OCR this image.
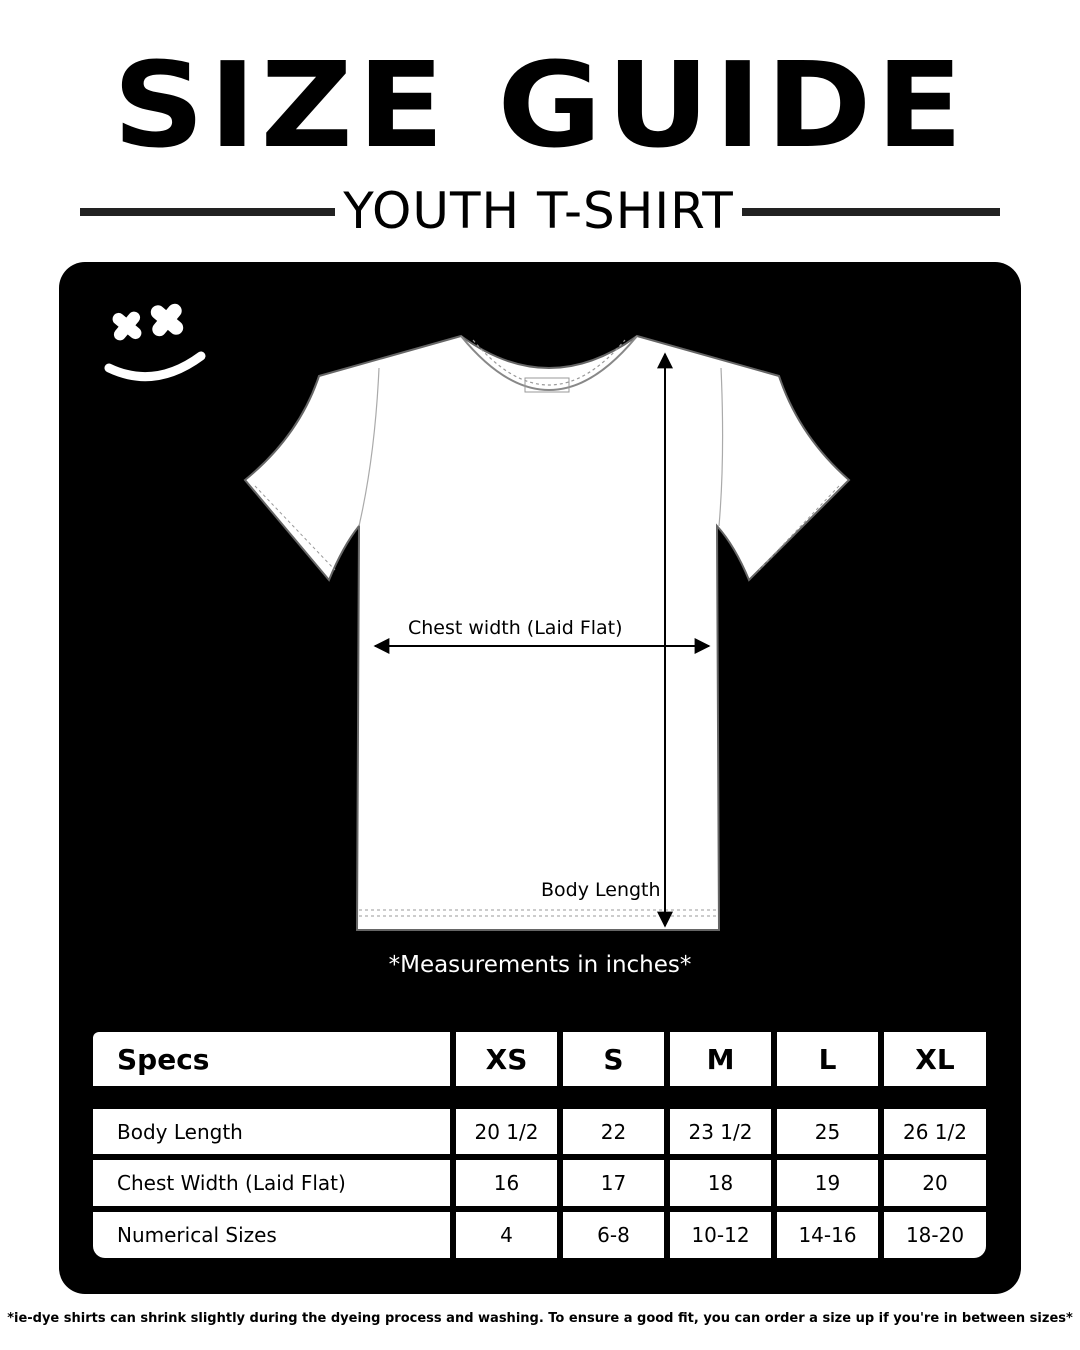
SIZE GUIDE
YOUTH T-SHIRT
Chest width (Laid Flat)
Body Length
*Measurements in inches*
Specs	XS	S	M	L	XL
Body Length	20 1/2	22	23 1/2	25	26 1/2
Chest Width (Laid Flat)	16	17	18	19	20
Numerical Sizes	4	6-8	10-12	14-16	18-20
*ie-dye shirts can shrink slightly during the dyeing process and washing. To ensure a good fit, you can order a size up if you're in between sizes*
